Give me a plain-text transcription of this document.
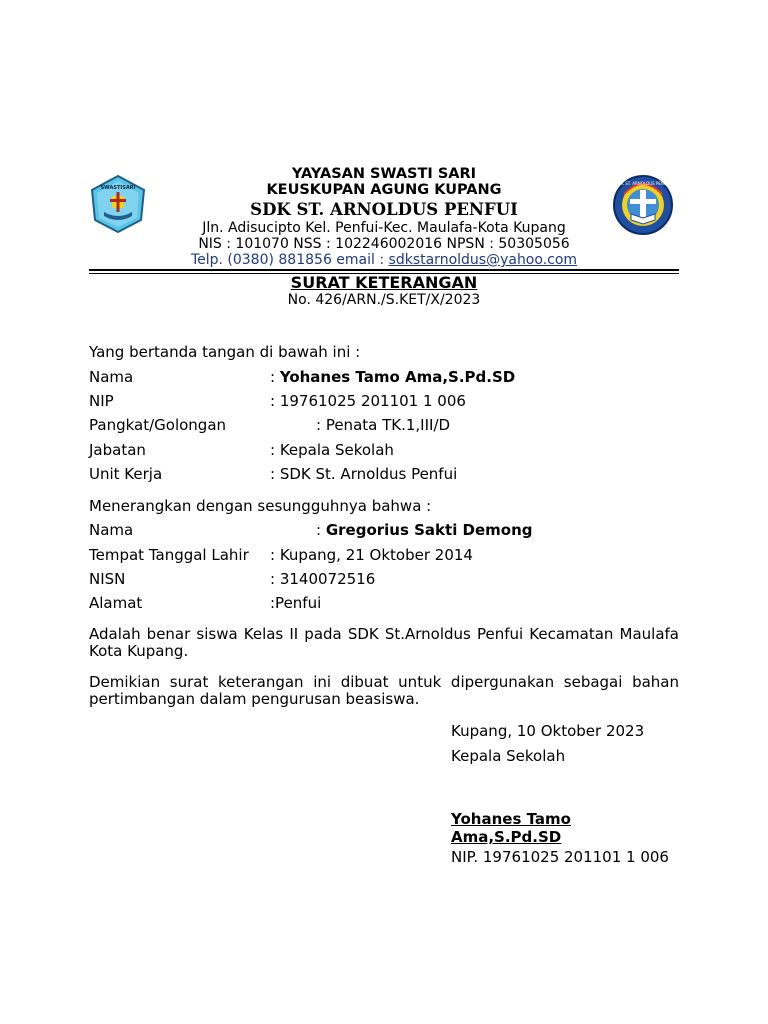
SWASTISARI
SDK ST. ARNOLDUS PENFUI
YAYASAN SWASTI SARI
KEUSKUPAN AGUNG KUPANG
SDK ST. ARNOLDUS PENFUI
Jln. Adisucipto Kel. Penfui-Kec. Maulafa-Kota Kupang
NIS : 101070 NSS : 102246002016 NPSN : 50305056
Telp. (0380) 881856 email : sdkstarnoldus@yahoo.com
SURAT KETERANGAN
No. 426/ARN./S.KET/X/2023
Yang bertanda tangan di bawah ini :
Nama	: Yohanes Tamo Ama,S.Pd.SD
NIP	: 19761025 201101 1 006
Pangkat/Golongan	: Penata TK.1,III/D
Jabatan	: Kepala Sekolah
Unit Kerja	: SDK St. Arnoldus Penfui
Menerangkan dengan sesungguhnya bahwa :
Nama	: Gregorius Sakti Demong
Tempat Tanggal Lahir : Kupang, 21 Oktober 2014
NISN	: 3140072516
Alamat	:Penfui
Adalah benar siswa Kelas II pada SDK St.Arnoldus Penfui Kecamatan Maulafa Kota Kupang.
Demikian surat keterangan ini dibuat untuk dipergunakan sebagai bahan pertimbangan dalam pengurusan beasiswa.
Kupang, 10 Oktober 2023
Kepala Sekolah
Yohanes Tamo Ama,S.Pd.SD
NIP. 19761025 201101 1 006
